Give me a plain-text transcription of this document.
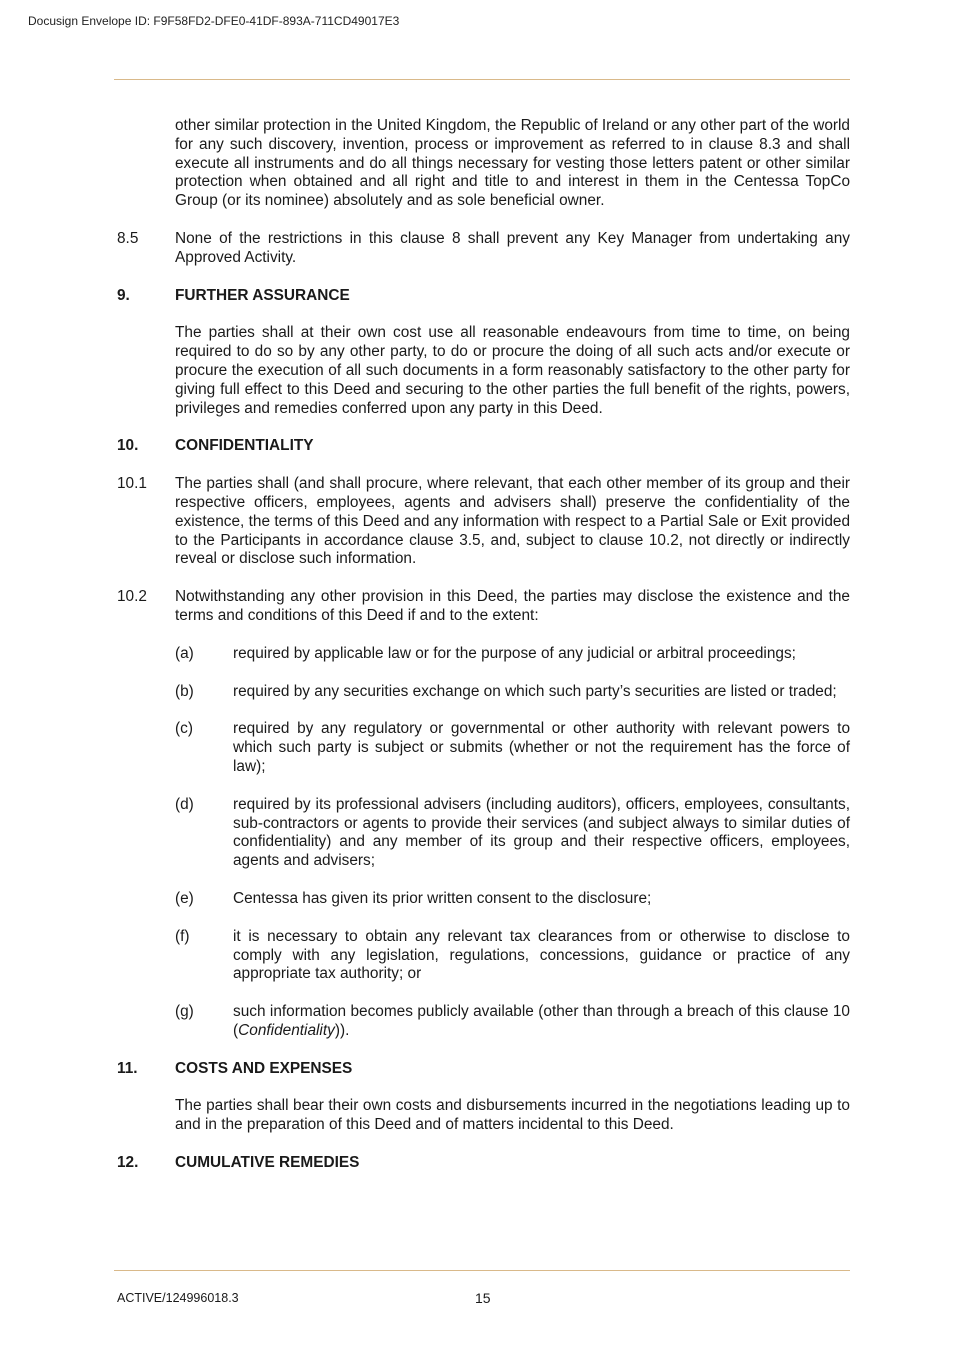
Docusign Envelope ID: F9F58FD2-DFE0-41DF-893A-711CD49017E3

other similar protection in the United Kingdom, the Republic of Ireland or any other part of the world for any such discovery, invention, process or improvement as referred to in clause 8.3 and shall execute all instruments and do all things necessary for vesting those letters patent or other similar protection when obtained and all right and title to and interest in them in the Centessa TopCo Group (or its nominee) absolutely and as sole beneficial owner.

8.5	None of the restrictions in this clause 8 shall prevent any Key Manager from undertaking any Approved Activity.
9.	FURTHER ASSURANCE

The parties shall at their own cost use all reasonable endeavours from time to time, on being required to do so by any other party, to do or procure the doing of all such acts and/or execute or procure the execution of all such documents in a form reasonably satisfactory to the other party for giving full effect to this Deed and securing to the other parties the full benefit of the rights, powers, privileges and remedies conferred upon any party in this Deed.

10.	CONFIDENTIALITY
10.1	The parties shall (and shall procure, where relevant, that each other member of its group and their respective officers, employees, agents and advisers shall) preserve the confidentiality of the existence, the terms of this Deed and any information with respect to a Partial Sale or Exit provided to the Participants in accordance clause 3.5, and, subject to clause 10.2, not directly or indirectly reveal or disclose such information.
10.2	Notwithstanding any other provision in this Deed, the parties may disclose the existence and the terms and conditions of this Deed if and to the extent:
(a)	required by applicable law or for the purpose of any judicial or arbitral proceedings;
(b)	required by any securities exchange on which such party’s securities are listed or traded;
(c)	required by any regulatory or governmental or other authority with relevant powers to which such party is subject or submits (whether or not the requirement has the force of law);
(d)	required by its professional advisers (including auditors), officers, employees, consultants, sub-contractors or agents to provide their services (and subject always to similar duties of confidentiality) and any member of its group and their respective officers, employees, agents and advisers;
(e)	Centessa has given its prior written consent to the disclosure;
(f)	it is necessary to obtain any relevant tax clearances from or otherwise to disclose to comply with any legislation, regulations, concessions, guidance or practice of any appropriate tax authority; or
(g)	such information becomes publicly available (other than through a breach of this clause 10 (Confidentiality)).
11.	COSTS AND EXPENSES

The parties shall bear their own costs and disbursements incurred in the negotiations leading up to and in the preparation of this Deed and of matters incidental to this Deed.

12.	CUMULATIVE REMEDIES
ACTIVE/124996018.3	15
